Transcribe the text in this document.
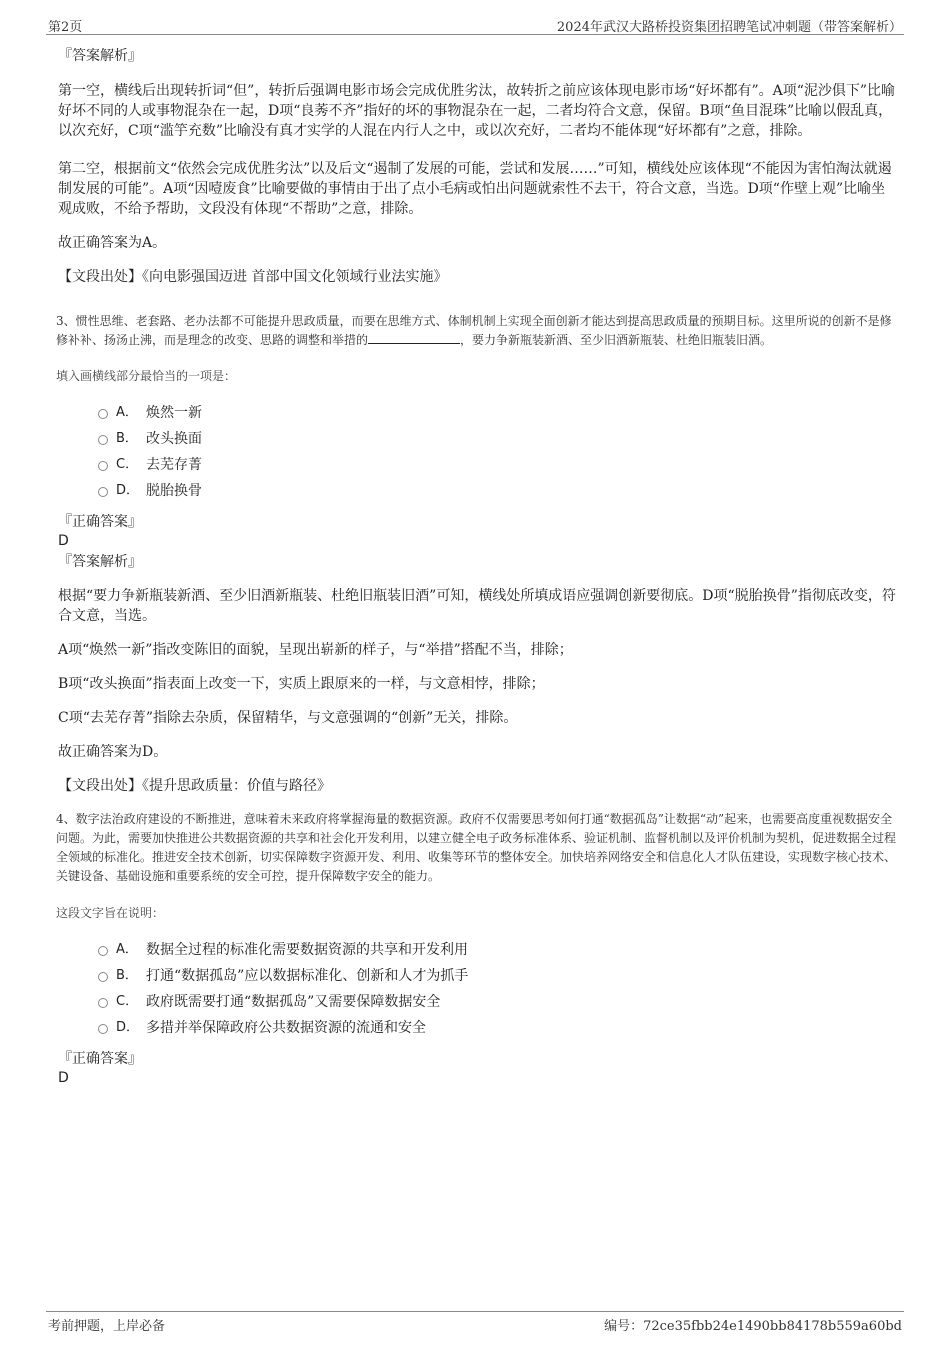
第2页	2024年武汉大路桥投资集团招聘笔试冲刺题（带答案解析）

『答案解析』

第一空，横线后出现转折词“但”，转折后强调电影市场会完成优胜劣汰，故转折之前应该体现电影市场“好坏都有”。A项“泥沙俱下”比喻好坏不同的人或事物混杂在一起，D项“良莠不齐”指好的坏的事物混杂在一起，二者均符合文意，保留。B项“鱼目混珠”比喻以假乱真，以次充好，C项“滥竽充数”比喻没有真才实学的人混在内行人之中，或以次充好，二者均不能体现“好坏都有”之意，排除。

第二空，根据前文“依然会完成优胜劣汰”以及后文“遏制了发展的可能，尝试和发展……”可知，横线处应该体现“不能因为害怕淘汰就遏制发展的可能”。A项“因噎废食”比喻要做的事情由于出了点小毛病或怕出问题就索性不去干，符合文意，当选。D项“作壁上观”比喻坐观成败，不给予帮助，文段没有体现“不帮助”之意，排除。

故正确答案为A。

【文段出处】《向电影强国迈进 首部中国文化领域行业法实施》

3、惯性思维、老套路、老办法都不可能提升思政质量，而要在思维方式、体制机制上实现全面创新才能达到提高思政质量的预期目标。这里所说的创新不是修修补补、扬汤止沸，而是理念的改变、思路的调整和举措的	，要力争新瓶装新酒、至少旧酒新瓶装、杜绝旧瓶装旧酒。

填入画横线部分最恰当的一项是：

A． 焕然一新
B． 改头换面
C． 去芜存菁
D． 脱胎换骨

『正确答案』

D

『答案解析』

根据“要力争新瓶装新酒、至少旧酒新瓶装、杜绝旧瓶装旧酒”可知，横线处所填成语应强调创新要彻底。D项“脱胎换骨”指彻底改变，符合文意，当选。

A项“焕然一新”指改变陈旧的面貌，呈现出崭新的样子，与“举措”搭配不当，排除；

B项“改头换面”指表面上改变一下，实质上跟原来的一样，与文意相悖，排除；

C项“去芜存菁”指除去杂质，保留精华，与文意强调的“创新”无关，排除。

故正确答案为D。

【文段出处】《提升思政质量：价值与路径》

4、数字法治政府建设的不断推进，意味着未来政府将掌握海量的数据资源。政府不仅需要思考如何打通“数据孤岛”让数据“动”起来，也需要高度重视数据安全问题。为此，需要加快推进公共数据资源的共享和社会化开发利用，以建立健全电子政务标准体系、验证机制、监督机制以及评价机制为契机，促进数据全过程全领域的标准化。推进安全技术创新，切实保障数字资源开发、利用、收集等环节的整体安全。加快培养网络安全和信息化人才队伍建设，实现数字核心技术、关键设备、基础设施和重要系统的安全可控，提升保障数字安全的能力。

这段文字旨在说明：

A． 数据全过程的标准化需要数据资源的共享和开发利用
B． 打通“数据孤岛”应以数据标准化、创新和人才为抓手
C． 政府既需要打通“数据孤岛”又需要保障数据安全
D． 多措并举保障政府公共数据资源的流通和安全

『正确答案』

D

考前押题，上岸必备	编号：72ce35fbb24e1490bb84178b559a60bd
